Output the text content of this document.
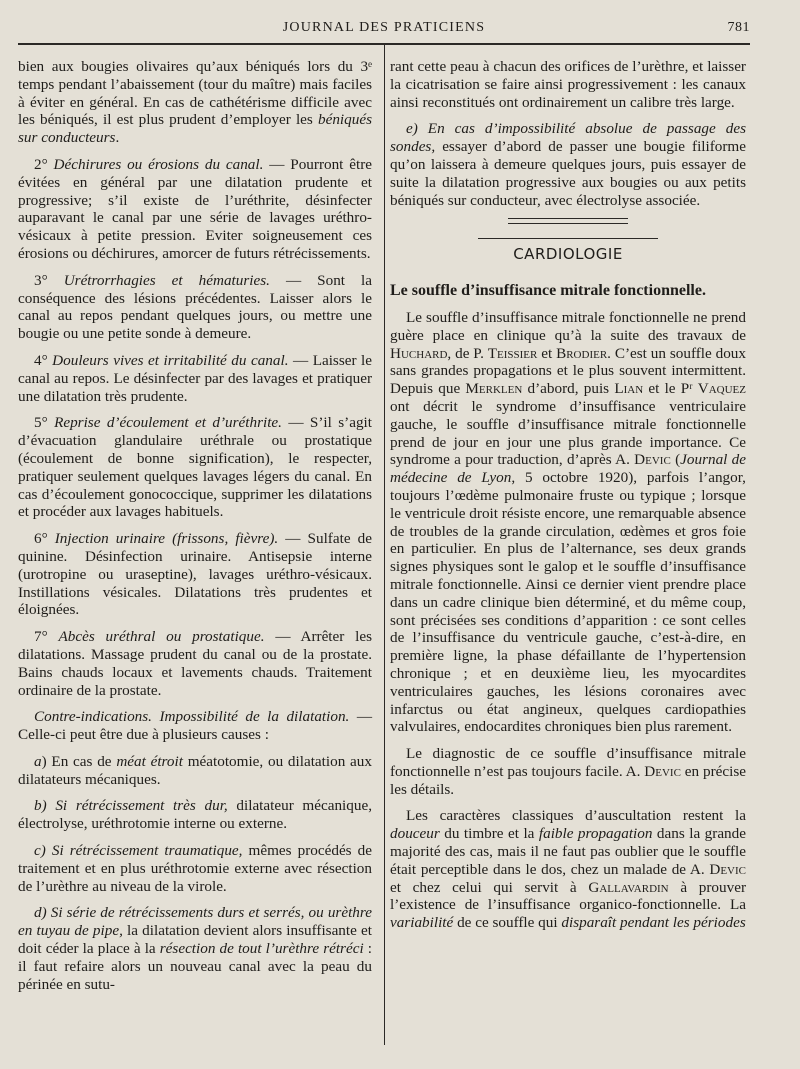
JOURNAL DES PRATICIENS	781

bien aux bougies olivaires qu’aux béniqués lors du 3ᵉ temps pendant l’abaissement (tour du maître) mais faciles à éviter en général. En cas de cathétérisme difficile avec les béniqués, il est plus prudent d’employer les béniqués sur conducteurs.

2° Déchirures ou érosions du canal. — Pourront être évitées en général par une dilatation prudente et progressive; s’il existe de l’uréthrite, désinfecter auparavant le canal par une série de lavages uréthro-vésicaux à petite pression. Eviter soigneusement ces érosions ou déchirures, amorcer de futurs rétrécissements.

3° Urétrorrhagies et hématuries. — Sont la conséquence des lésions précédentes. Laisser alors le canal au repos pendant quelques jours, ou mettre une bougie ou une petite sonde à demeure.

4° Douleurs vives et irritabilité du canal. — Laisser le canal au repos. Le désinfecter par des lavages et pratiquer une dilatation très prudente.

5° Reprise d’écoulement et d’uréthrite. — S’il s’agit d’évacuation glandulaire uréthrale ou prostatique (écoulement de bonne signification), le respecter, pratiquer seulement quelques lavages légers du canal. En cas d’écoulement gonococcique, supprimer les dilatations et procéder aux lavages habituels.

6° Injection urinaire (frissons, fièvre). — Sulfate de quinine. Désinfection urinaire. Antisepsie interne (urotropine ou uraseptine), lavages uréthro-vésicaux. Instillations vésicales. Dilatations très prudentes et éloignées.

7° Abcès uréthral ou prostatique. — Arrêter les dilatations. Massage prudent du canal ou de la prostate. Bains chauds locaux et lavements chauds. Traitement ordinaire de la prostate.

Contre-indications. Impossibilité de la dilatation. — Celle-ci peut être due à plusieurs causes :

a) En cas de méat étroit méatotomie, ou dilatation aux dilatateurs mécaniques.

b) Si rétrécissement très dur, dilatateur mécanique, électrolyse, uréthrotomie interne ou externe.

c) Si rétrécissement traumatique, mêmes procédés de traitement et en plus uréthrotomie externe avec résection de l’urèthre au niveau de la virole.

d) Si série de rétrécissements durs et serrés, ou urèthre en tuyau de pipe, la dilatation devient alors insuffisante et doit céder la place à la résection de tout l’urèthre rétréci : il faut refaire alors un nouveau canal avec la peau du périnée en sutu-

rant cette peau à chacun des orifices de l’urèthre, et laisser la cicatrisation se faire ainsi progressivement : les canaux ainsi reconstitués ont ordinairement un calibre très large.

e) En cas d’impossibilité absolue de passage des sondes, essayer d’abord de passer une bougie filiforme qu’on laissera à demeure quelques jours, puis essayer de suite la dilatation progressive aux bougies ou aux petits béniqués sur conducteur, avec électrolyse associée.

CARDIOLOGIE

Le souffle d’insuffisance mitrale fonctionnelle.

Le souffle d’insuffisance mitrale fonctionnelle ne prend guère place en clinique qu’à la suite des travaux de Huchard, de P. Teissier et Brodier. C’est un souffle doux sans grandes propagations et le plus souvent intermittent. Depuis que Merklen d’abord, puis Lian et le Pʳ Vaquez ont décrit le syndrome d’insuffisance ventriculaire gauche, le souffle d’insuffisance mitrale fonctionnelle prend de jour en jour une plus grande importance. Ce syndrome a pour traduction, d’après A. Devic (Journal de médecine de Lyon, 5 octobre 1920), parfois l’angor, toujours l’œdème pulmonaire fruste ou typique ; lorsque le ventricule droit résiste encore, une remarquable absence de troubles de la grande circulation, œdèmes et gros foie en particulier. En plus de l’alternance, ses deux grands signes physiques sont le galop et le souffle d’insuffisance mitrale fonctionnelle. Ainsi ce dernier vient prendre place dans un cadre clinique bien déterminé, et du même coup, sont précisées ses conditions d’apparition : ce sont celles de l’insuffisance du ventricule gauche, c’est-à-dire, en première ligne, la phase défaillante de l’hypertension chronique ; et en deuxième lieu, les myocardites ventriculaires gauches, les lésions coronaires avec infarctus ou état angineux, quelques cardiopathies valvulaires, endocardites chroniques bien plus rarement.

Le diagnostic de ce souffle d’insuffisance mitrale fonctionnelle n’est pas toujours facile. A. Devic en précise les détails.

Les caractères classiques d’auscultation restent la douceur du timbre et la faible propagation dans la grande majorité des cas, mais il ne faut pas oublier que le souffle était perceptible dans le dos, chez un malade de A. Devic et chez celui qui servit à Gallavardin à prouver l’existence de l’insuffisance organico-fonctionnelle. La variabilité de ce souffle qui disparaît pendant les périodes
